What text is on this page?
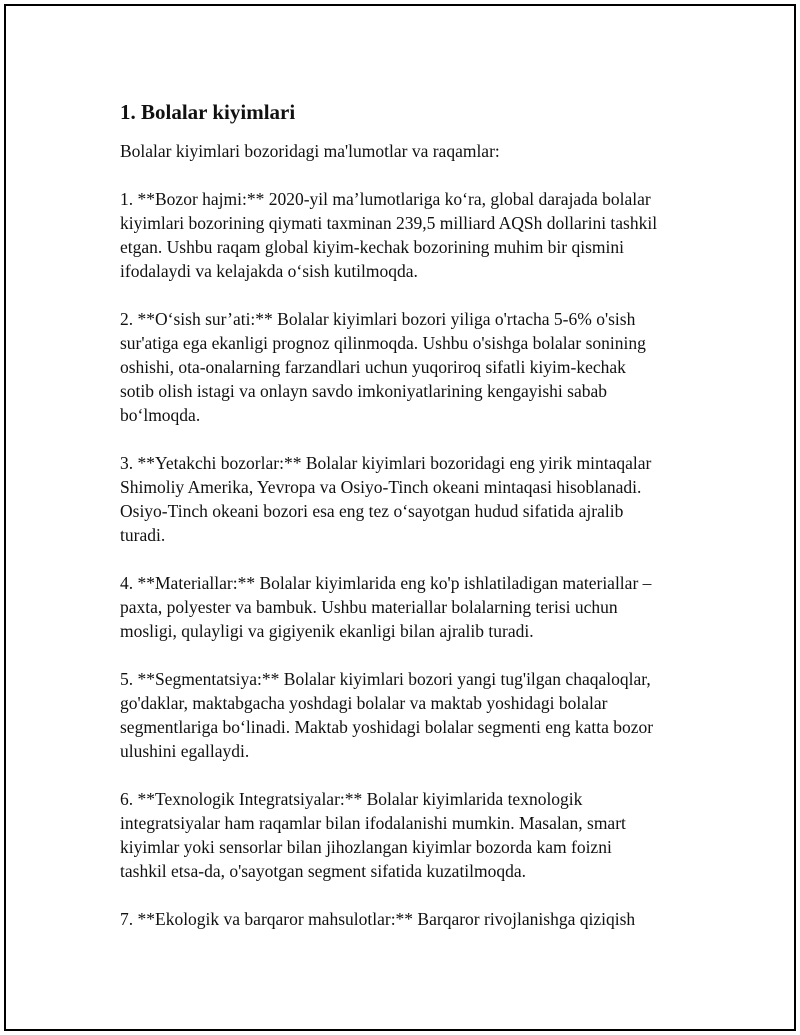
1. Bolalar kiyimlari

Bolalar kiyimlari bozoridagi ma'lumotlar va raqamlar:

1. **Bozor hajmi:** 2020-yil ma’lumotlariga ko‘ra, global darajada bolalar
kiyimlari bozorining qiymati taxminan 239,5 milliard AQSh dollarini tashkil
etgan. Ushbu raqam global kiyim-kechak bozorining muhim bir qismini
ifodalaydi va kelajakda o‘sish kutilmoqda.

2. **O‘sish sur’ati:** Bolalar kiyimlari bozori yiliga o'rtacha 5-6% o'sish
sur'atiga ega ekanligi prognoz qilinmoqda. Ushbu o'sishga bolalar sonining
oshishi, ota-onalarning farzandlari uchun yuqoriroq sifatli kiyim-kechak
sotib olish istagi va onlayn savdo imkoniyatlarining kengayishi sabab
bo‘lmoqda.

3. **Yetakchi bozorlar:** Bolalar kiyimlari bozoridagi eng yirik mintaqalar
Shimoliy Amerika, Yevropa va Osiyo-Tinch okeani mintaqasi hisoblanadi.
Osiyo-Tinch okeani bozori esa eng tez o‘sayotgan hudud sifatida ajralib
turadi.

4. **Materiallar:** Bolalar kiyimlarida eng ko'p ishlatiladigan materiallar –
paxta, polyester va bambuk. Ushbu materiallar bolalarning terisi uchun
mosligi, qulayligi va gigiyenik ekanligi bilan ajralib turadi.

5. **Segmentatsiya:** Bolalar kiyimlari bozori yangi tug'ilgan chaqaloqlar,
go'daklar, maktabgacha yoshdagi bolalar va maktab yoshidagi bolalar
segmentlariga bo‘linadi. Maktab yoshidagi bolalar segmenti eng katta bozor
ulushini egallaydi.

6. **Texnologik Integratsiyalar:** Bolalar kiyimlarida texnologik
integratsiyalar ham raqamlar bilan ifodalanishi mumkin. Masalan, smart
kiyimlar yoki sensorlar bilan jihozlangan kiyimlar bozorda kam foizni
tashkil etsa-da, o'sayotgan segment sifatida kuzatilmoqda.

7. **Ekologik va barqaror mahsulotlar:** Barqaror rivojlanishga qiziqish
